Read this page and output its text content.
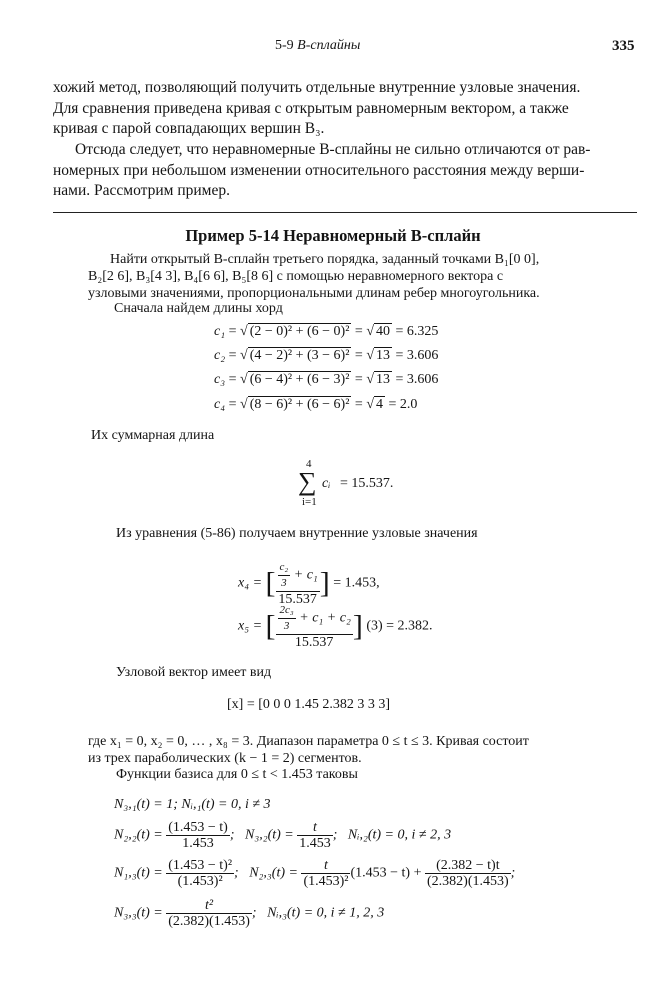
5-9 В-сплайны	335
хожий метод, позволяющий получить отдельные внутренние узловые значения.
Для сравнения приведена кривая с открытым равномерным вектором, а также
кривая с парой совпадающих вершин B₃.
Отсюда следует, что неравномерные В-сплайны не сильно отличаются от рав-
номерных при небольшом изменении относительного расстояния между верши-
нами. Рассмотрим пример.
Пример 5-14 Неравномерный В-сплайн
Найти открытый В-сплайн третьего порядка, заданный точками B₁[0 0],
B₂[2 6], B₃[4 3], B₄[6 6], B₅[8 6] с помощью неравномерного вектора с
узловыми значениями, пропорциональными длинам ребер многоугольника.
Сначала найдем длины хорд
c₁ = √ (2 − 0)² + (6 − 0)² = √ 40 = 6.325
c₂ = √ (4 − 2)² + (3 − 6)² = √ 13 = 3.606
c₃ = √ (6 − 4)² + (6 − 3)² = √ 13 = 3.606
c₄ = √ (8 − 6)² + (6 − 6)² = √ 4 = 2.0
Их суммарная длина
4
∑
i=1
cᵢ = 15.537.
Из уравнения (5-86) получаем внутренние узловые значения
x₄ = [ $\frac{\frac{\text{c₂}}{3} + c_1}{15.537}$ ] = 1.453,
x₅ = [ $\frac{\frac{\text{2c₃}}{3} + c_1 + c_2}{15.537}$ ] (3) = 2.382.
Узловой вектор имеет вид
[x] = [0 0 0 1.45 2.382 3 3 3]
где x₁ = 0, x₂ = 0, … , x₈ = 3. Диапазон параметра 0 ≤ t ≤ 3. Кривая состоит
из трех параболических (k − 1 = 2) сегментов.
Функции базиса для 0 ≤ t < 1.453 таковы
N₃,₁(t) = 1; Nᵢ,₁(t) = 0, i ≠ 3
$N_2,_2(t) = \frac{(1.453 - t)}{1.453}$ ; $N_3,_2(t) = \frac{t}{1.453}$ ; Nᵢ,₂(t) = 0, i ≠ 2, 3
$N_1,_3(t) = \frac{\text{(1.453 − t)²}}{\text{(1.453)²}}$ ; $N_2,_3(t) = \frac{t}{\text{(1.453)²}} (1.453 - t) + \frac{(2.382 - t)t}{(2.382)(1.453)}$ ;
$N_3,_3(t) = \frac{\text{t²}}{(2.382)(1.453)}$ ; Nᵢ,₃(t) = 0, i ≠ 1, 2, 3
